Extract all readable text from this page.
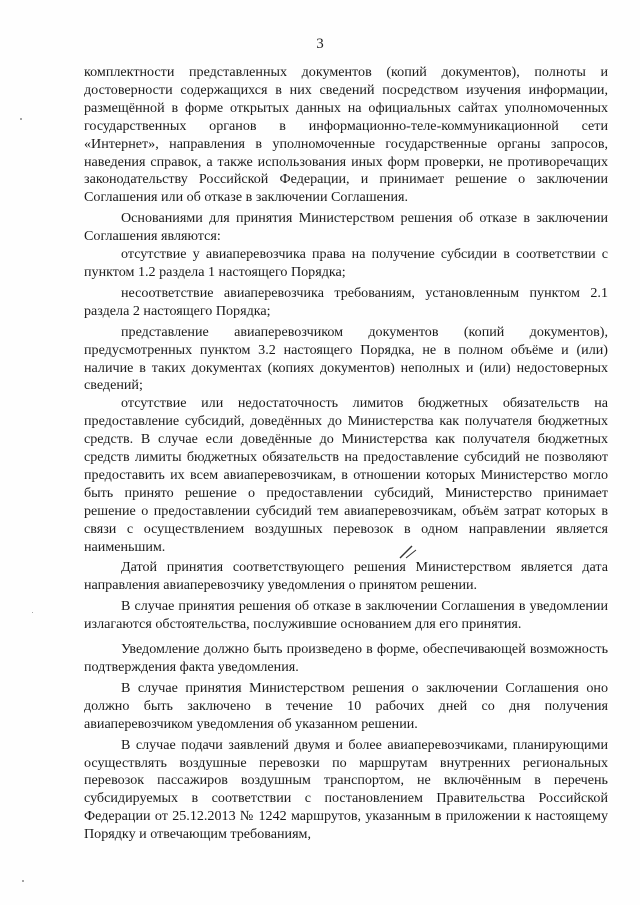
3

комплектности представленных документов (копий документов), полноты и достоверности содержащихся в них сведений посредством изучения информации, размещённой в форме открытых данных на официальных сайтах уполномоченных государственных органов в информационно-теле-коммуникационной сети «Интернет», направления в уполномоченные государственные органы запросов, наведения справок, а также использования иных форм проверки, не противоречащих законодательству Российской Федерации, и принимает решение о заключении Соглашения или об отказе в заключении Соглашения.

Основаниями для принятия Министерством решения об отказе в заключении Соглашения являются:

отсутствие у авиаперевозчика права на получение субсидии в соответствии с пунктом 1.2 раздела 1 настоящего Порядка;

несоответствие авиаперевозчика требованиям, установленным пунктом 2.1 раздела 2 настоящего Порядка;

представление авиаперевозчиком документов (копий документов), предусмотренных пунктом 3.2 настоящего Порядка, не в полном объёме и (или) наличие в таких документах (копиях документов) неполных и (или) недостоверных сведений;

отсутствие или недостаточность лимитов бюджетных обязательств на предоставление субсидий, доведённых до Министерства как получателя бюджетных средств. В случае если доведённые до Министерства как получателя бюджетных средств лимиты бюджетных обязательств на предоставление субсидий не позволяют предоставить их всем авиаперевозчикам, в отношении которых Министерство могло быть принято решение о предоставлении субсидий, Министерство принимает решение о предоставлении субсидий тем авиаперевозчикам, объём затрат которых в связи с осуществлением воздушных перевозок в одном направлении является наименьшим.

Датой принятия соответствующего решения Министерством является дата направления авиаперевозчику уведомления о принятом решении.

В случае принятия решения об отказе в заключении Соглашения в уведомлении излагаются обстоятельства, послужившие основанием для его принятия.

Уведомление должно быть произведено в форме, обеспечивающей возможность подтверждения факта уведомления.

В случае принятия Министерством решения о заключении Соглашения оно должно быть заключено в течение 10 рабочих дней со дня получения авиаперевозчиком уведомления об указанном решении.

В случае подачи заявлений двумя и более авиаперевозчиками, планирующими осуществлять воздушные перевозки по маршрутам внутренних региональных перевозок пассажиров воздушным транспортом, не включённым в перечень субсидируемых в соответствии с постановлением Правительства Российской Федерации от 25.12.2013 № 1242 маршрутов, указанным в приложении к настоящему Порядку и отвечающим требованиям,
